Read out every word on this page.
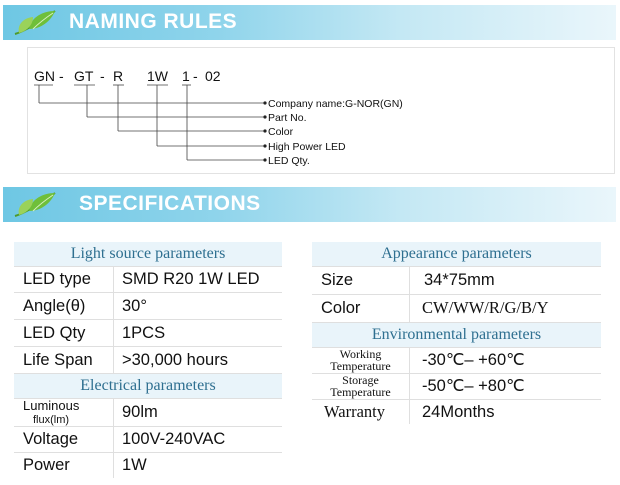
NAMING RULES
GN - GT - R 1W 1 - 02
Company name:G-NOR(GN)
Part No.
Color
High Power LED
LED Qty.
SPECIFICATIONS
Light source parameters
LED type	SMD R20 1W LED
Angle(θ)	30°
LED Qty	1PCS
Life Span	>30,000 hours
Electrical parameters
Luminous
flux(lm)	90lm
Voltage	100V-240VAC
Power	1W
Appearance parameters
Size	34*75mm
Color	CW/WW/R/G/B/Y
Environmental parameters
Working
Temperature	-30℃– +60℃
Storage
Temperature	-50℃– +80℃
Warranty	24Months
